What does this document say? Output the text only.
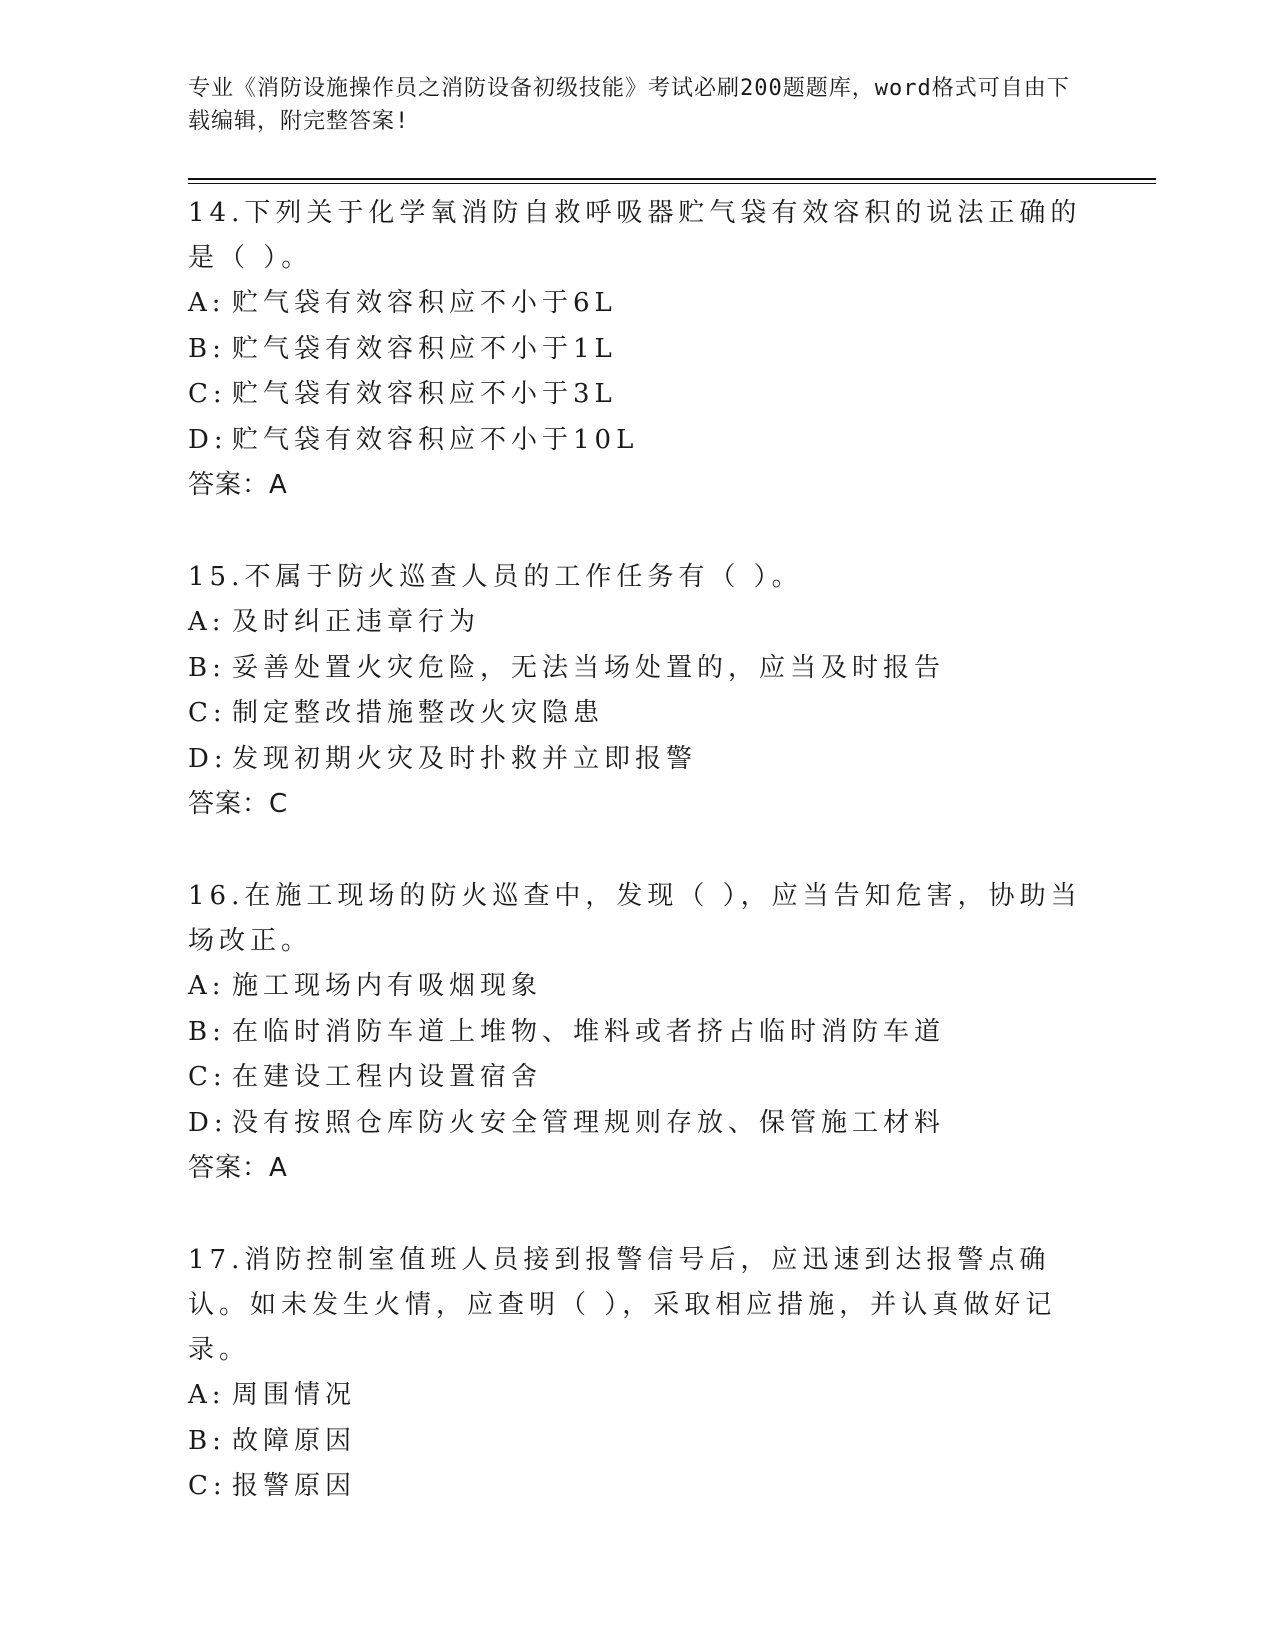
专业《消防设施操作员之消防设备初级技能》考试必刷200题题库，word格式可自由下载编辑，附完整答案!
14.下列关于化学氧消防自救呼吸器贮气袋有效容积的说法正确的是（ ）。
A: 贮气袋有效容积应不小于6L
B: 贮气袋有效容积应不小于1L
C: 贮气袋有效容积应不小于3L
D: 贮气袋有效容积应不小于10L
答案：A
15.不属于防火巡查人员的工作任务有（ ）。
A: 及时纠正违章行为
B: 妥善处置火灾危险，无法当场处置的，应当及时报告
C: 制定整改措施整改火灾隐患
D: 发现初期火灾及时扑救并立即报警
答案：C
16.在施工现场的防火巡查中，发现（ ），应当告知危害，协助当场改正。
A: 施工现场内有吸烟现象
B: 在临时消防车道上堆物、堆料或者挤占临时消防车道
C: 在建设工程内设置宿舍
D: 没有按照仓库防火安全管理规则存放、保管施工材料
答案：A
17.消防控制室值班人员接到报警信号后，应迅速到达报警点确认。如未发生火情，应查明（ ），采取相应措施，并认真做好记录。
A: 周围情况
B: 故障原因
C: 报警原因
